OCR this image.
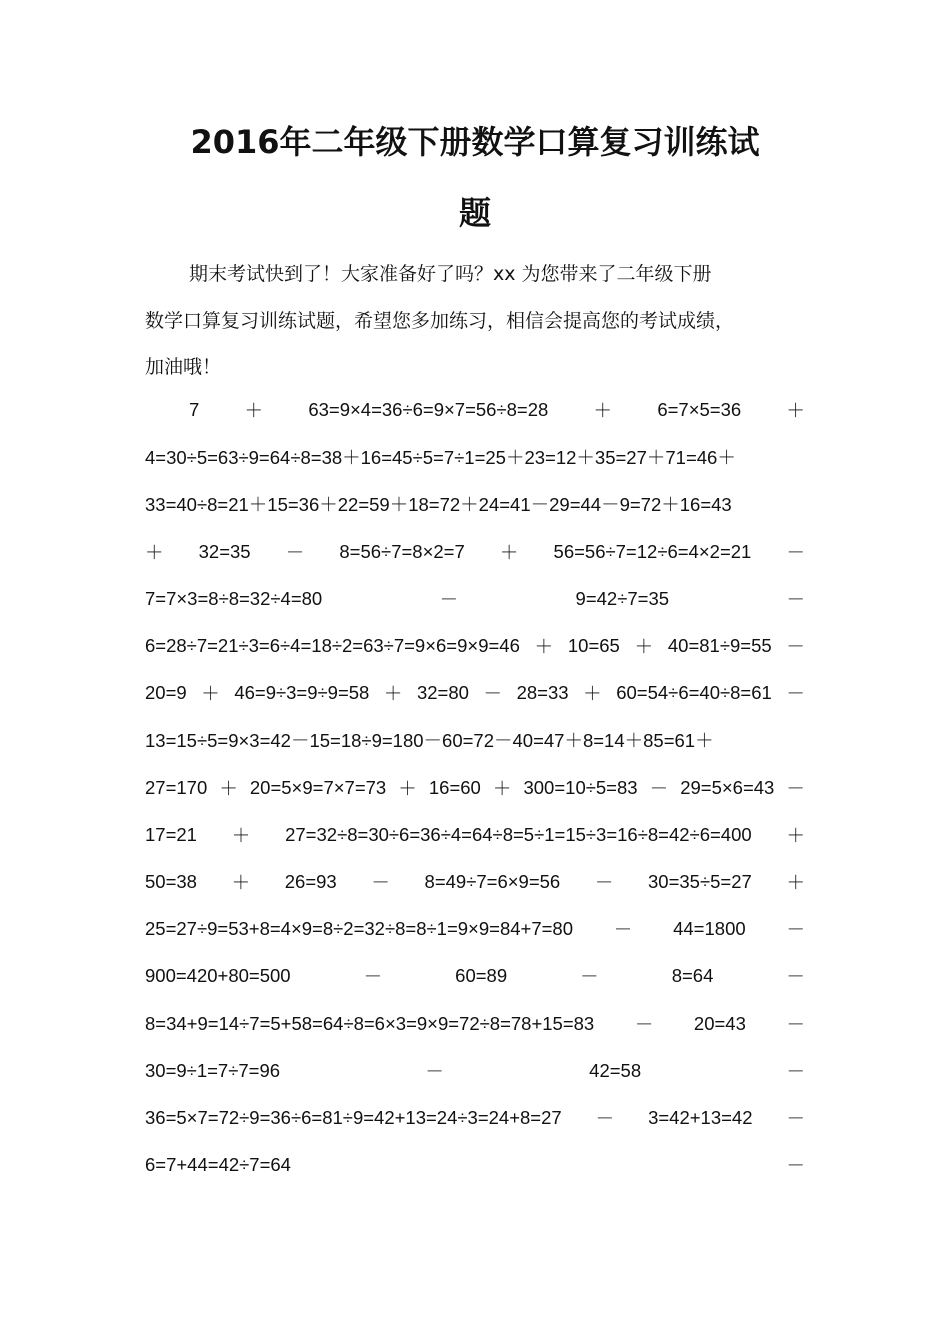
2016年二年级下册数学口算复习训练试
题
期末考试快到了！大家准备好了吗？xx 为您带来了二年级下册
数学口算复习训练试题，希望您多加练习，相信会提高您的考试成绩，
加油哦！
7 ＋ 63=9×4=36÷6=9×7=56÷8=28 ＋ 6=7×5=36 ＋
4=30÷5=63÷9=64÷8=38＋16=45÷5=7÷1=25＋23=12＋35=27＋71=46＋
33=40÷8=21＋15=36＋22=59＋18=72＋24=41－29=44－9=72＋16=43
＋ 32=35 － 8=56÷7=8×2=7 ＋ 56=56÷7=12÷6=4×2=21 －
7=7×3=8÷8=32÷4=80	－	9=42÷7=35	－
6=28÷7=21÷3=6÷4=18÷2=63÷7=9×6=9×9=46 ＋ 10=65 ＋ 40=81÷9=55 －
20=9 ＋ 46=9÷3=9÷9=58 ＋ 32=80 － 28=33 ＋ 60=54÷6=40÷8=61 －
13=15÷5=9×3=42－15=18÷9=180－60=72－40=47＋8=14＋85=61＋
27=170 ＋ 20=5×9=7×7=73 ＋ 16=60 ＋ 300=10÷5=83 － 29=5×6=43 －
17=21 ＋ 27=32÷8=30÷6=36÷4=64÷8=5÷1=15÷3=16÷8=42÷6=400 ＋
50=38 ＋ 26=93 － 8=49÷7=6×9=56 － 30=35÷5=27 ＋
25=27÷9=53+8=4×9=8÷2=32÷8=8÷1=9×9=84+7=80 － 44=1800 －
900=420+80=500	－	60=89	－	8=64	－
8=34+9=14÷7=5+58=64÷8=6×3=9×9=72÷8=78+15=83 － 20=43 －
30=9÷1=7÷7=96	－	42=58	－
36=5×7=72÷9=36÷6=81÷9=42+13=24÷3=24+8=27 － 3=42+13=42 －
6=7+44=42÷7=64	－
